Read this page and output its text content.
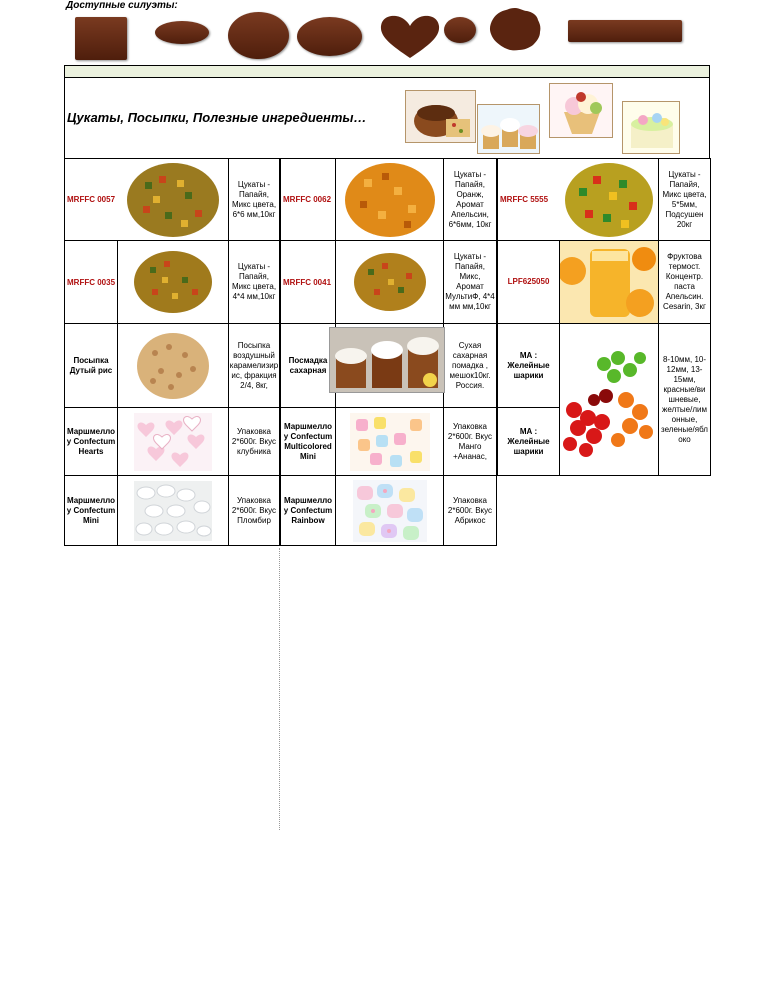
Доступные силуэты:
Цукаты, Посыпки, Полезные ингредиенты…
MRFFC 0057
Цукаты - Папайя, Микс цвета, 6*6 мм,10кг
MRFFC 0062
Цукаты - Папайя, Оранж, Аромат Апельсин, 6*6мм, 10кг
MRFFC 5555
Цукаты - Папайя, Микс цвета, 5*5мм, Подсушен 20кг
MRFFC 0035
Цукаты - Папайя, Микс цвета, 4*4 мм,10кг
MRFFC 0041
Цукаты - Папайя, Микс, Аромат МультиФ, 4*4 мм мм,10кг
LPF625050
Фруктова термост. Концентр. паста Апельсин. Cesarin, 3кг
Посыпка Дутый рис
Посыпка воздушный карамелизир ис, фракция 2/4, 8кг,
Посмадка сахарная
Сухая сахарная помадка , мешок10кг. Россия.
МА : Желейные шарики
МА : Желейные шарики
8-10мм, 10-12мм, 13-15мм, красные/ви шневые, желтые/лим онные, зеленые/ябл око
Маршмелло у Confectum Hearts
Упаковка 2*600г. Вкус клубника
Маршмелло у Confectum Multicolored Mini
Упаковка 2*600г. Вкус Манго +Ананас,
Маршмелло у Confectum Mini
Упаковка 2*600г. Вкус Пломбир
Маршмелло у Confectum Rainbow
Упаковка 2*600г. Вкус Абрикос
